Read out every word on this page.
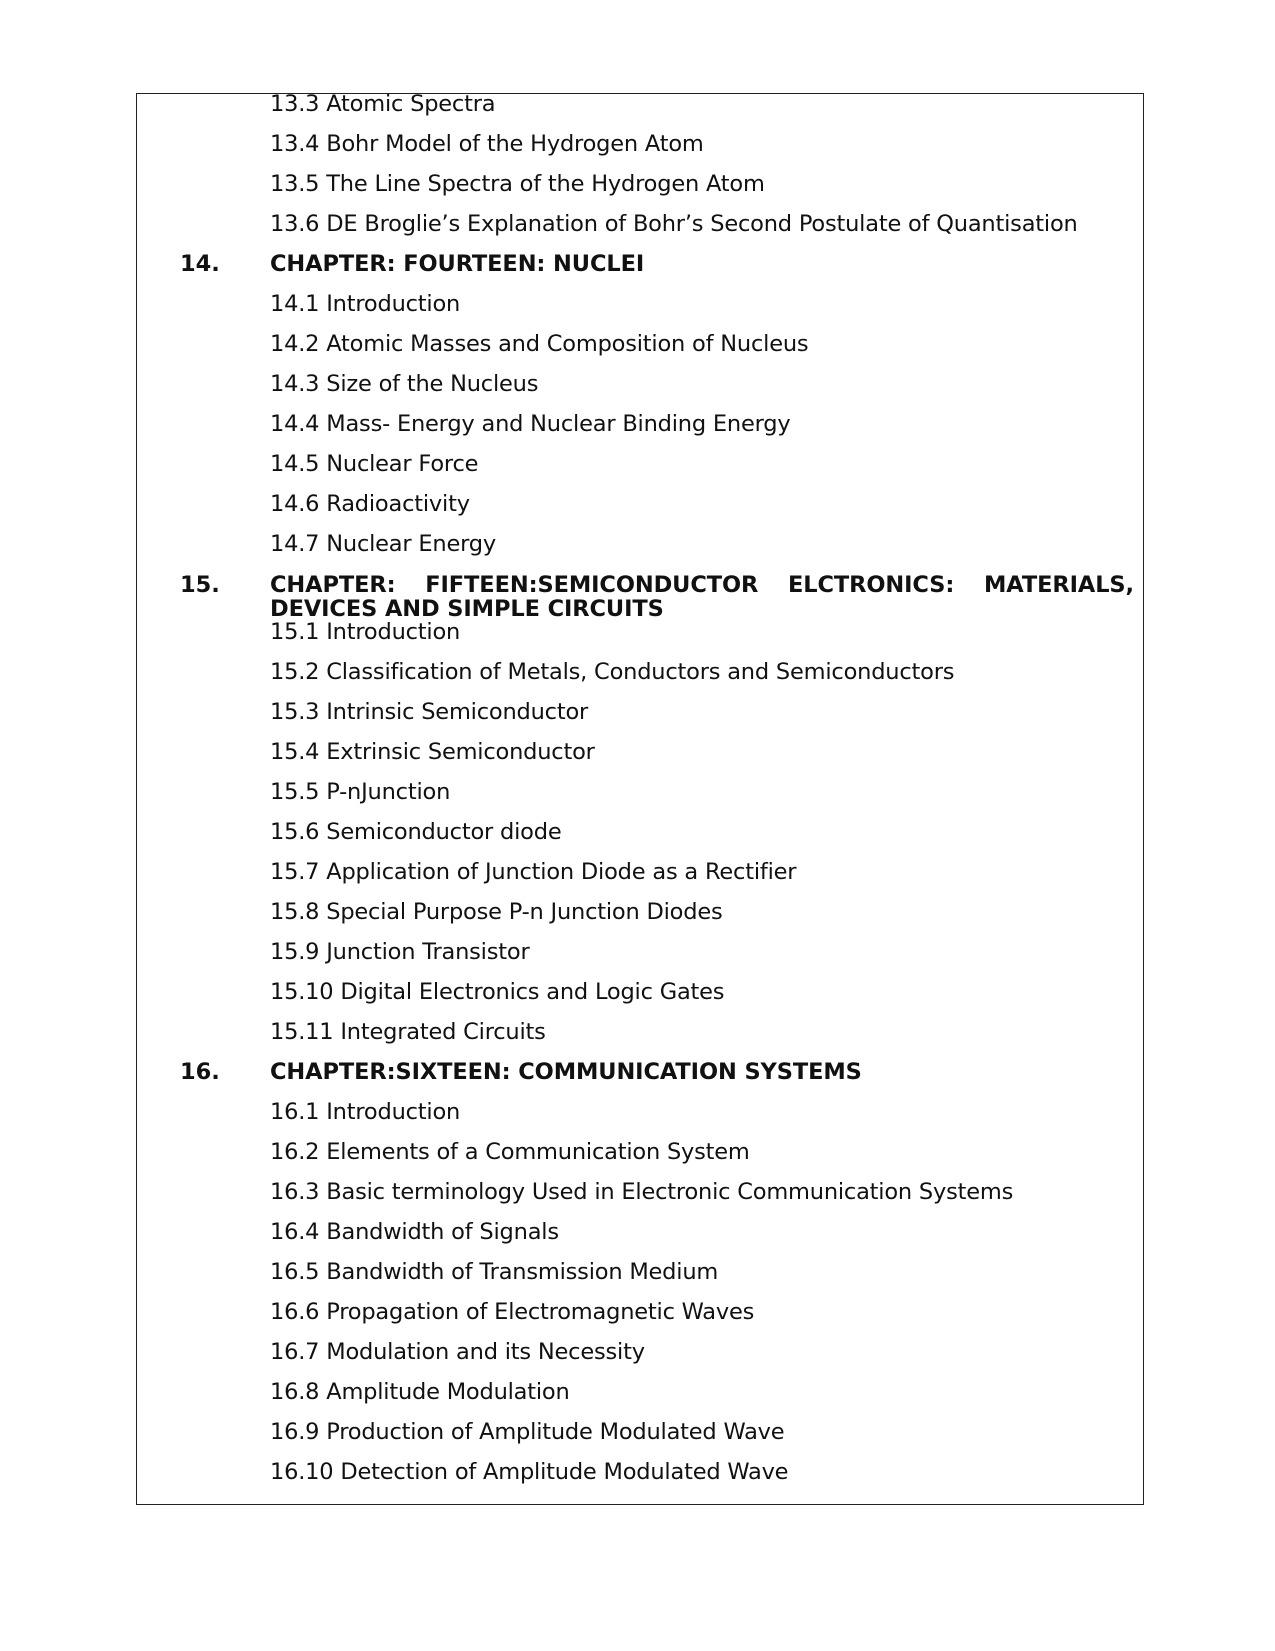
13.3 Atomic Spectra
13.4 Bohr Model of the Hydrogen Atom
13.5 The Line Spectra of the Hydrogen Atom
13.6 DE Broglie’s Explanation of Bohr’s Second Postulate of Quantisation
14. CHAPTER: FOURTEEN: NUCLEI
14.1 Introduction
14.2 Atomic Masses and Composition of Nucleus
14.3 Size of the Nucleus
14.4 Mass- Energy and Nuclear Binding Energy
14.5 Nuclear Force
14.6 Radioactivity
14.7 Nuclear Energy
15. CHAPTER: FIFTEEN:SEMICONDUCTOR ELCTRONICS: MATERIALS,
DEVICES AND SIMPLE CIRCUITS
15.1 Introduction
15.2 Classification of Metals, Conductors and Semiconductors
15.3 Intrinsic Semiconductor
15.4 Extrinsic Semiconductor
15.5 P-nJunction
15.6 Semiconductor diode
15.7 Application of Junction Diode as a Rectifier
15.8 Special Purpose P-n Junction Diodes
15.9 Junction Transistor
15.10 Digital Electronics and Logic Gates
15.11 Integrated Circuits
16. CHAPTER:SIXTEEN: COMMUNICATION SYSTEMS
16.1 Introduction
16.2 Elements of a Communication System
16.3 Basic terminology Used in Electronic Communication Systems
16.4 Bandwidth of Signals
16.5 Bandwidth of Transmission Medium
16.6 Propagation of Electromagnetic Waves
16.7 Modulation and its Necessity
16.8 Amplitude Modulation
16.9 Production of Amplitude Modulated Wave
16.10 Detection of Amplitude Modulated Wave
